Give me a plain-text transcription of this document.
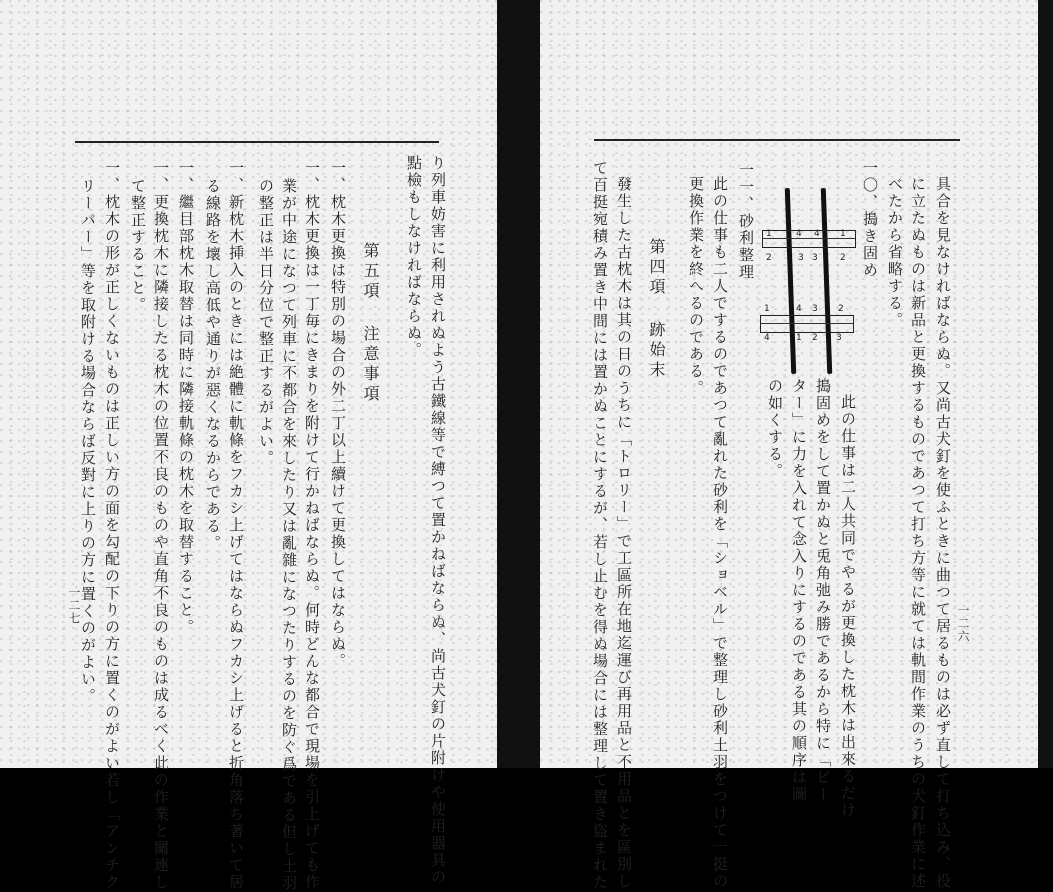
り列車妨害に利用されぬよう古鐵線等で縛つて置かねばならぬ、尚古犬釘の片附けや使用器具の
點檢もしなければならぬ。
第五項 注意事項
一、枕木更換は特別の場合の外二丁以上續けて更換してはならぬ。
一、枕木更換は一丁毎にきまりを附けて行かねばならぬ。何時どんな都合で現場を引上げても作
業が中途になつて列車に不都合を來したり又は亂雜になつたりするのを防ぐ爲である但し土羽
の整正は半日分位で整正するがよい。
一、新枕木挿入のときには絶體に軌條をフカシ上げてはならぬフカシ上げると折角落ち著いて居
る線路を壞し高低や通りが惡くなるからである。
一、繼目部枕木取替は同時に隣接軌條の枕木を取替すること。
一、更換枕木に隣接したる枕木の位置不良のものや直角不良のものは成るべく此の作業と關連し
て整正すること。
一、枕木の形が正しくないものは正しい方の面を勾配の下りの方に置くのがよい若し「アンチク
リーパー」等を取附ける場合ならば反對に上りの方に置くのがよい。
一二七	具合を見なければならぬ。又尚古犬釘を使ふときに曲つて居るものは必ず直して打ち込み、役
に立たぬものは新品と更換するものであつて打ち方等に就ては軌間作業のうちの犬釘作業に述
べたから省略する。
一〇、搗き固め
此の仕事は二人共同でやるが更換した枕木は出來るだけ
搗固めをして置かぬと兎角弛み勝であるから特に「ビー
ター」に力を入れて念入りにするのである其の順序は圖
の如くする。
1	4 4 1
2	3 3 2
1	4 3 2
4	1 2 3
一一、砂利整理
此の仕事も二人でするのであつて亂れた砂利を「ショベル」で整理し砂利土羽をつけて一挺の
更換作業を終へるのである。
第四項 跡始末
發生した古枕木は其の日のうちに「トロリー」で工區所在地迄運び再用品と不用品とを區別し
て百挺宛積み置き中間には置かぬことにするが、若し止むを得ぬ場合には整理して置き盜まれた	一二六
